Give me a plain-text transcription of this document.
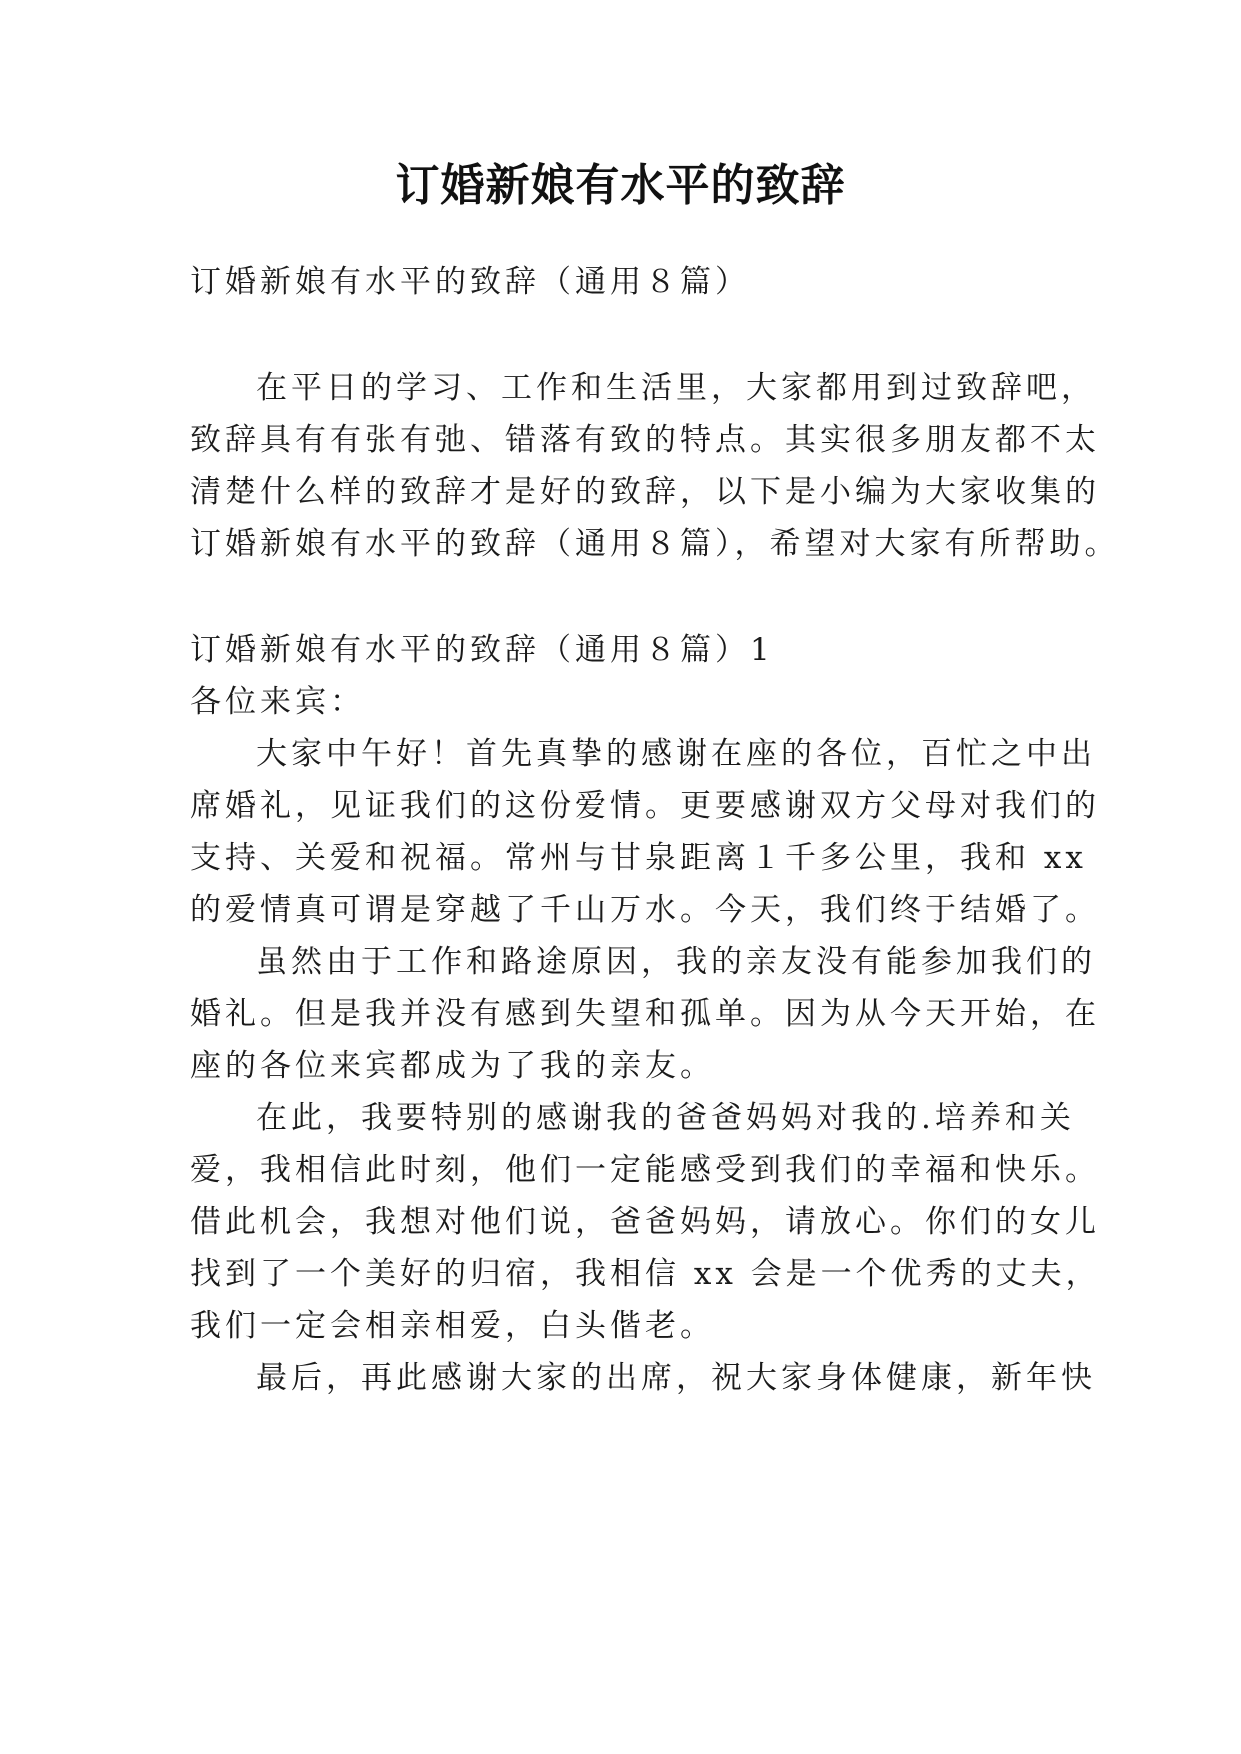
订婚新娘有水平的致辞
订婚新娘有水平的致辞（通用８篇）
在平日的学习、工作和生活里，大家都用到过致辞吧，
致辞具有有张有弛、错落有致的特点。其实很多朋友都不太
清楚什么样的致辞才是好的致辞，以下是小编为大家收集的
订婚新娘有水平的致辞（通用８篇），希望对大家有所帮助。
订婚新娘有水平的致辞（通用８篇）1
各位来宾：
大家中午好！首先真挚的感谢在座的各位，百忙之中出
席婚礼，见证我们的这份爱情。更要感谢双方父母对我们的
支持、关爱和祝福。常州与甘泉距离１千多公里，我和 xx
的爱情真可谓是穿越了千山万水。今天，我们终于结婚了。
虽然由于工作和路途原因，我的亲友没有能参加我们的
婚礼。但是我并没有感到失望和孤单。因为从今天开始，在
座的各位来宾都成为了我的亲友。
在此，我要特别的感谢我的爸爸妈妈对我的.培养和关
爱，我相信此时刻，他们一定能感受到我们的幸福和快乐。
借此机会，我想对他们说，爸爸妈妈，请放心。你们的女儿
找到了一个美好的归宿，我相信 xx 会是一个优秀的丈夫，
我们一定会相亲相爱，白头偕老。
最后，再此感谢大家的出席，祝大家身体健康，新年快
